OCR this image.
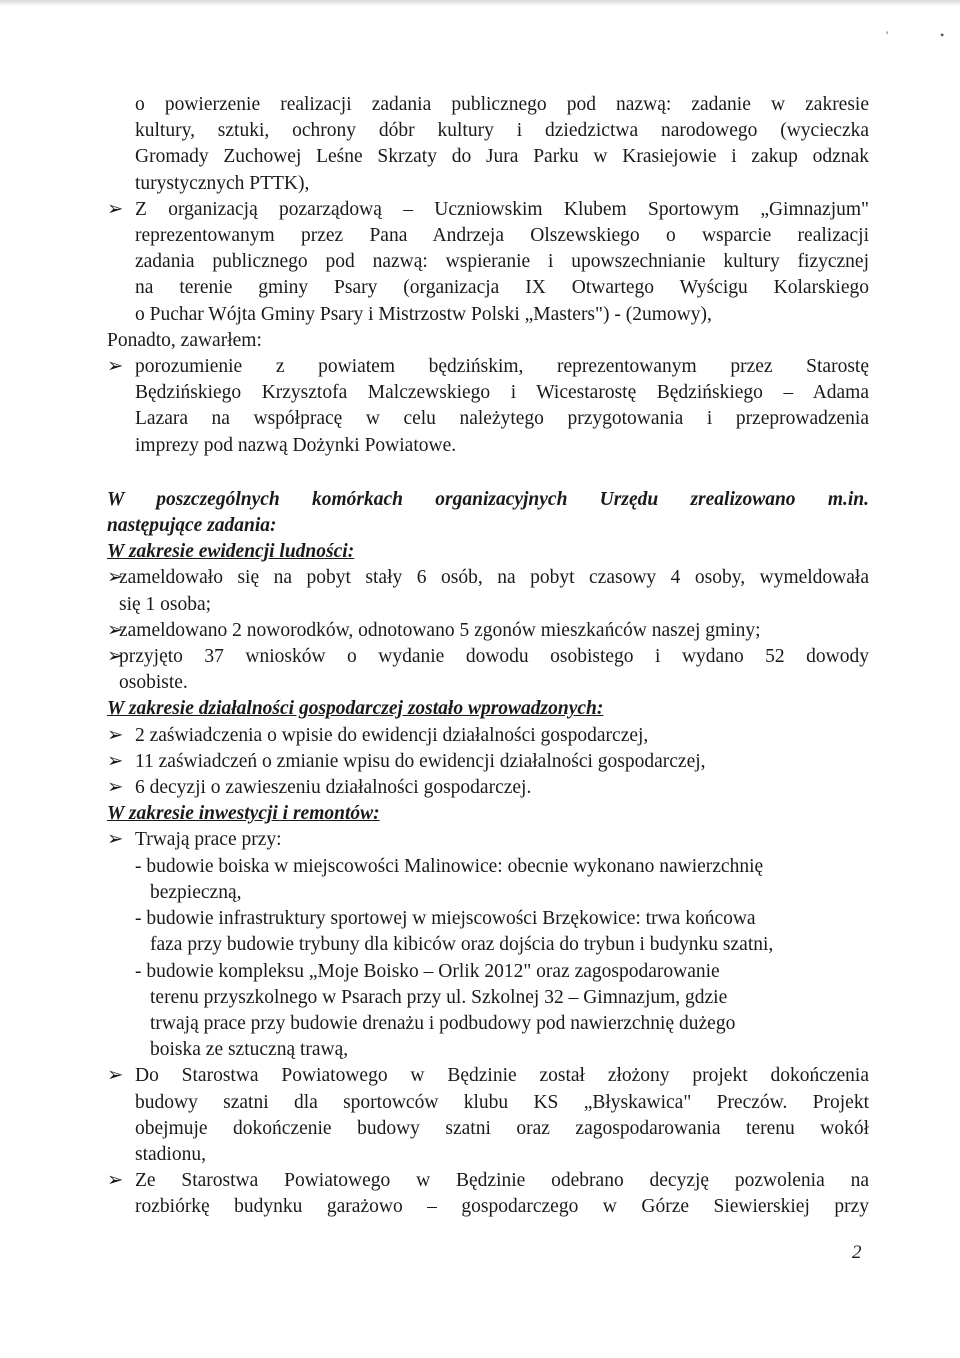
'	•
o powierzenie realizacji zadania publicznego pod nazwą: zadanie w zakresie
kultury, sztuki, ochrony dóbr kultury i dziedzictwa narodowego (wycieczka
Gromady Zuchowej Leśne Skrzaty do Jura Parku w Krasiejowie i zakup odznak
turystycznych PTTK),
➢ Z organizacją pozarządową – Uczniowskim Klubem Sportowym „Gimnazjum"
reprezentowanym przez Pana Andrzeja Olszewskiego o wsparcie realizacji
zadania publicznego pod nazwą: wspieranie i upowszechnianie kultury fizycznej
na terenie gminy Psary (organizacja IX Otwartego Wyścigu Kolarskiego
o Puchar Wójta Gminy Psary i Mistrzostw Polski „Masters") - (2umowy),
Ponadto, zawarłem:
➢ porozumienie z powiatem będzińskim, reprezentowanym przez Starostę
Będzińskiego Krzysztofa Malczewskiego i Wicestarostę Będzińskiego – Adama
Lazara na współpracę w celu należytego przygotowania i przeprowadzenia
imprezy pod nazwą Dożynki Powiatowe.
W poszczególnych komórkach organizacyjnych Urzędu zrealizowano m.in.
następujące zadania:
W zakresie ewidencji ludności:
➢
zameldowało się na pobyt stały 6 osób, na pobyt czasowy 4 osoby, wymeldowała
się 1 osoba;
➢
zameldowano 2 noworodków, odnotowano 5 zgonów mieszkańców naszej gminy;
➢
przyjęto 37 wniosków o wydanie dowodu osobistego i wydano 52 dowody
osobiste.
W zakresie działalności gospodarczej zostało wprowadzonych:
➢ 2 zaświadczenia o wpisie do ewidencji działalności gospodarczej,
➢ 11 zaświadczeń o zmianie wpisu do ewidencji działalności gospodarczej,
➢ 6 decyzji o zawieszeniu działalności gospodarczej.
W zakresie inwestycji i remontów:
➢ Trwają prace przy:
- budowie boiska w miejscowości Malinowice: obecnie wykonano nawierzchnię
bezpieczną,
- budowie infrastruktury sportowej w miejscowości Brzękowice: trwa końcowa
faza przy budowie trybuny dla kibiców oraz dojścia do trybun i budynku szatni,
- budowie kompleksu „Moje Boisko – Orlik 2012" oraz zagospodarowanie
terenu przyszkolnego w Psarach przy ul. Szkolnej 32 – Gimnazjum, gdzie
trwają prace przy budowie drenażu i podbudowy pod nawierzchnię dużego
boiska ze sztuczną trawą,
➢ Do Starostwa Powiatowego w Będzinie został złożony projekt dokończenia
budowy szatni dla sportowców klubu KS „Błyskawica" Preczów. Projekt
obejmuje dokończenie budowy szatni oraz zagospodarowania terenu wokół
stadionu,
➢ Ze Starostwa Powiatowego w Będzinie odebrano decyzję pozwolenia na
rozbiórkę budynku garażowo – gospodarczego w Górze Siewierskiej przy
2
